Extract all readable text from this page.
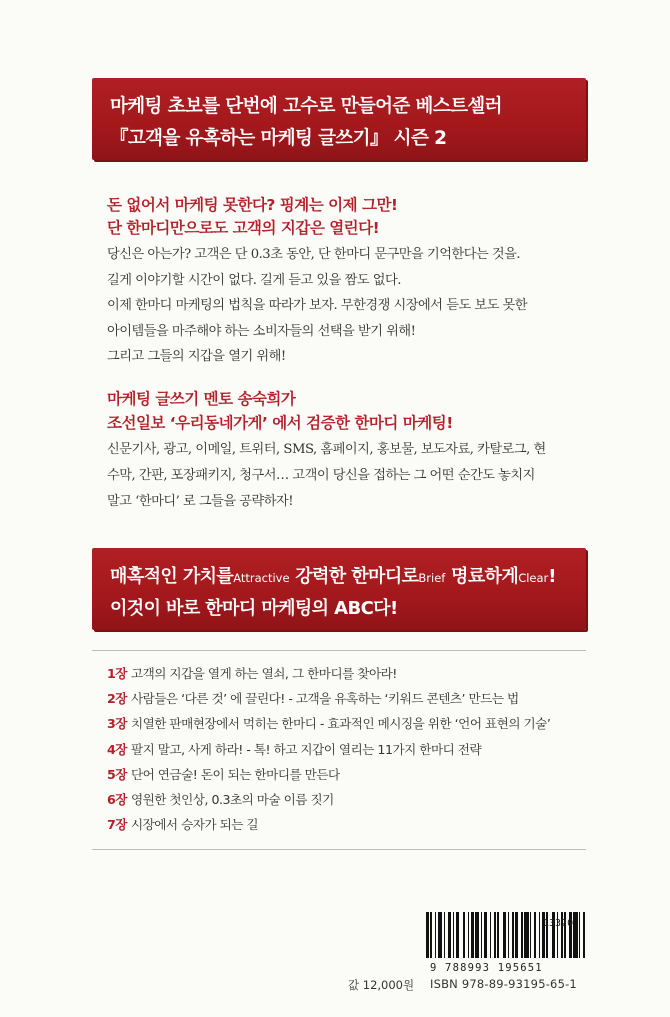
마케팅 초보를 단번에 고수로 만들어준 베스트셀러
『고객을 유혹하는 마케팅 글쓰기』 시즌 2
돈 없어서 마케팅 못한다? 핑계는 이제 그만!
단 한마디만으로도 고객의 지갑은 열린다!
당신은 아는가? 고객은 단 0.3초 동안, 단 한마디 문구만을 기억한다는 것을.
길게 이야기할 시간이 없다. 길게 듣고 있을 짬도 없다.
이제 한마디 마케팅의 법칙을 따라가 보자. 무한경쟁 시장에서 듣도 보도 못한
아이템들을 마주해야 하는 소비자들의 선택을 받기 위해!
그리고 그들의 지갑을 열기 위해!
마케팅 글쓰기 멘토 송숙희가
조선일보 ‘우리동네가게’ 에서 검증한 한마디 마케팅!
신문기사, 광고, 이메일, 트위터, SMS, 홈페이지, 홍보물, 보도자료, 카탈로그, 현
수막, 간판, 포장패키지, 청구서… 고객이 당신을 접하는 그 어떤 순간도 놓치지
말고 ‘한마디’ 로 그들을 공략하자!
매혹적인 가치를Attractive 강력한 한마디로Brief 명료하게Clear!
이것이 바로 한마디 마케팅의 ABC다!
1장 고객의 지갑을 열게 하는 열쇠, 그 한마디를 찾아라!
2장 사람들은 ‘다른 것’ 에 끌린다! - 고객을 유혹하는 ‘키워드 콘텐츠’ 만드는 법
3장 치열한 판매현장에서 먹히는 한마디 - 효과적인 메시징을 위한 ‘언어 표현의 기술’
4장 팔지 말고, 사게 하라! - 톡! 하고 지갑이 열리는 11가지 한마디 전략
5장 단어 연금술! 돈이 되는 한마디를 만든다
6장 영원한 첫인상, 0.3초의 마술 이름 짓기
7장 시장에서 승자가 되는 길
13320
9 788993 195651
값 12,000원 ISBN 978-89-93195-65-1
